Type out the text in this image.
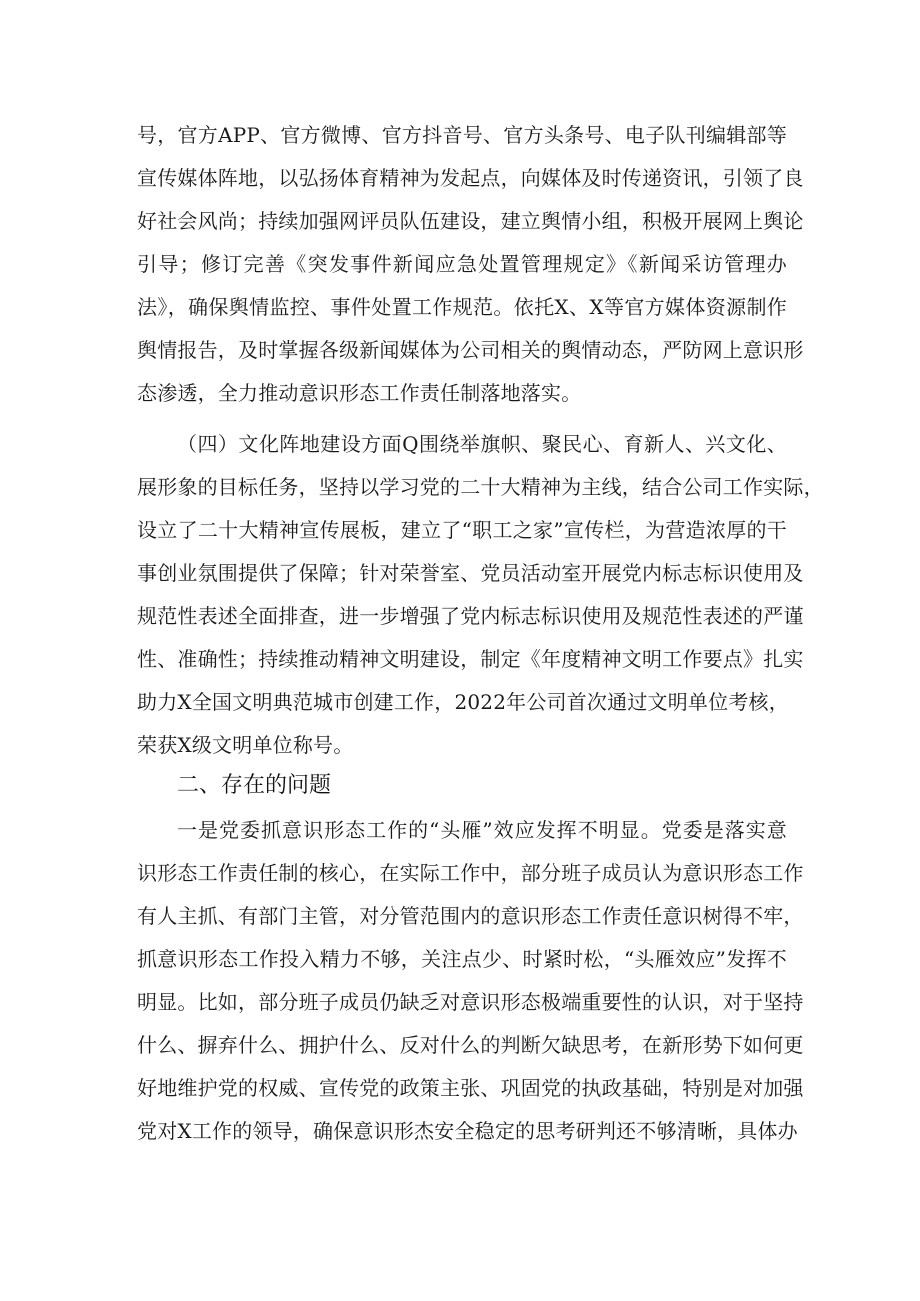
号，官方APP、官方微博、官方抖音号、官方头条号、电子队刊编辑部等
宣传媒体阵地，以弘扬体育精神为发起点，向媒体及时传递资讯，引领了良
好社会风尚；持续加强网评员队伍建设，建立舆情小组，积极开展网上舆论
引导；修订完善《突发事件新闻应急处置管理规定》《新闻采访管理办
法》，确保舆情监控、事件处置工作规范。依托X、X等官方媒体资源制作
舆情报告，及时掌握各级新闻媒体为公司相关的舆情动态，严防网上意识形
态渗透，全力推动意识形态工作责任制落地落实。
（四）文化阵地建设方面Q围绕举旗帜、聚民心、育新人、兴文化、
展形象的目标任务，坚持以学习党的二十大精神为主线，结合公司工作实际，
设立了二十大精神宣传展板，建立了“职工之家”宣传栏，为营造浓厚的干
事创业氛围提供了保障；针对荣誉室、党员活动室开展党内标志标识使用及
规范性表述全面排查，进一步增强了党内标志标识使用及规范性表述的严谨
性、准确性；持续推动精神文明建设，制定《年度精神文明工作要点》扎实
助力X全国文明典范城市创建工作，2022年公司首次通过文明单位考核，
荣获X级文明单位称号。
二、存在的问题
一是党委抓意识形态工作的“头雁”效应发挥不明显。党委是落实意
识形态工作责任制的核心，在实际工作中，部分班子成员认为意识形态工作
有人主抓、有部门主管，对分管范围内的意识形态工作责任意识树得不牢，
抓意识形态工作投入精力不够，关注点少、时紧时松，“头雁效应”发挥不
明显。比如，部分班子成员仍缺乏对意识形态极端重要性的认识，对于坚持
什么、摒弃什么、拥护什么、反对什么的判断欠缺思考，在新形势下如何更
好地维护党的权威、宣传党的政策主张、巩固党的执政基础，特别是对加强
党对X工作的领导，确保意识形杰安全稳定的思考研判还不够清晰，具体办
